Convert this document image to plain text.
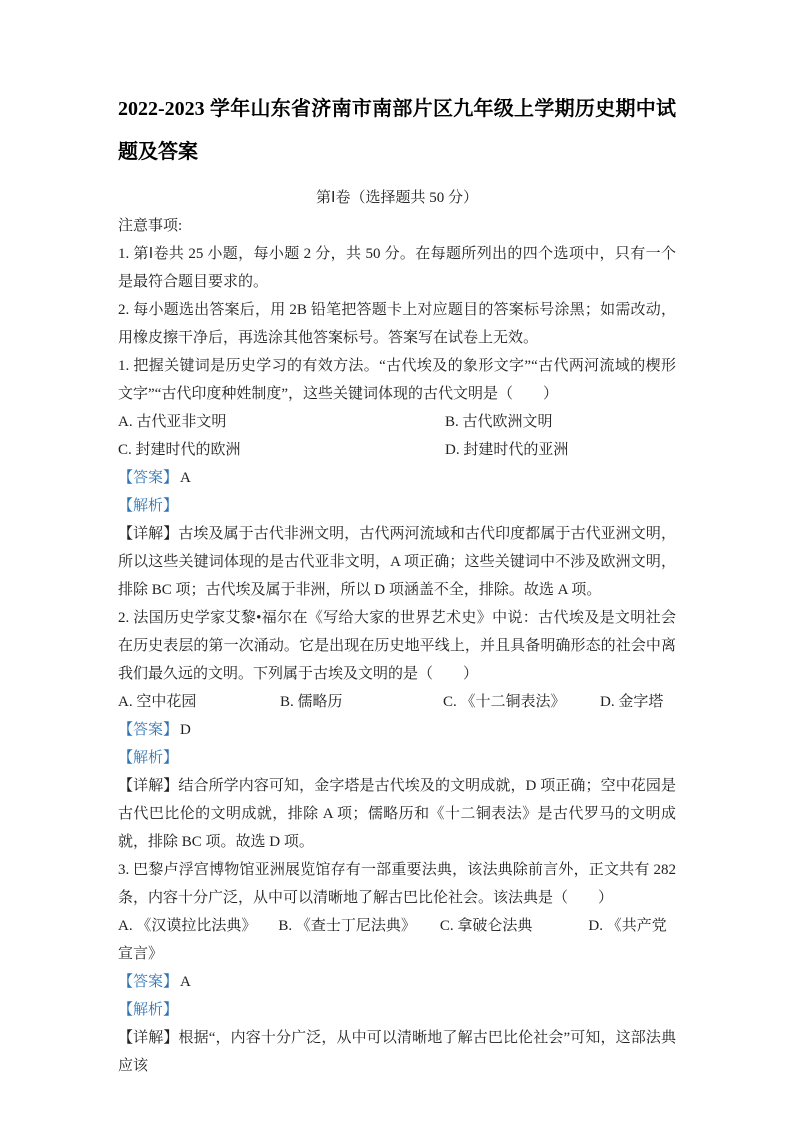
2022-2023 学年山东省济南市南部片区九年级上学期历史期中试题及答案

第Ⅰ卷（选择题共 50 分）

注意事项:

1. 第Ⅰ卷共 25 小题，每小题 2 分，共 50 分。在每题所列出的四个选项中，只有一个是最符合题目要求的。

2. 每小题选出答案后，用 2B 铅笔把答题卡上对应题目的答案标号涂黑；如需改动，用橡皮擦干净后，再选涂其他答案标号。答案写在试卷上无效。

1. 把握关键词是历史学习的有效方法。“古代埃及的象形文字”“古代两河流域的楔形文字”“古代印度种姓制度”，这些关键词体现的古代文明是（　　）

A. 古代亚非文明	B. 古代欧洲文明
C. 封建时代的欧洲	D. 封建时代的亚洲

【答案】 A

【解析】

【详解】古埃及属于古代非洲文明，古代两河流域和古代印度都属于古代亚洲文明，所以这些关键词体现的是古代亚非文明，A 项正确；这些关键词中不涉及欧洲文明，排除 BC 项；古代埃及属于非洲，所以 D 项涵盖不全，排除。故选 A 项。

2. 法国历史学家艾黎•福尔在《写给大家的世界艺术史》中说：古代埃及是文明社会在历史表层的第一次涌动。它是出现在历史地平线上，并且具备明确形态的社会中离我们最久远的文明。下列属于古埃及文明的是（　　）

A. 空中花园	B. 儒略历	C. 《十二铜表法》	D. 金字塔

【答案】 D

【解析】

【详解】结合所学内容可知，金字塔是古代埃及的文明成就，D 项正确；空中花园是古代巴比伦的文明成就，排除 A 项；儒略历和《十二铜表法》是古代罗马的文明成就，排除 BC 项。故选 D 项。

3. 巴黎卢浮宫博物馆亚洲展览馆存有一部重要法典，该法典除前言外，正文共有 282 条，内容十分广泛，从中可以清晰地了解古巴比伦社会。该法典是（　　）

A. 《汉谟拉比法典》 B. 《查士丁尼法典》 C. 拿破仑法典	D. 《共产党宣言》

【答案】 A

【解析】

【详解】根据“，内容十分广泛，从中可以清晰地了解古巴比伦社会”可知，这部法典应该
